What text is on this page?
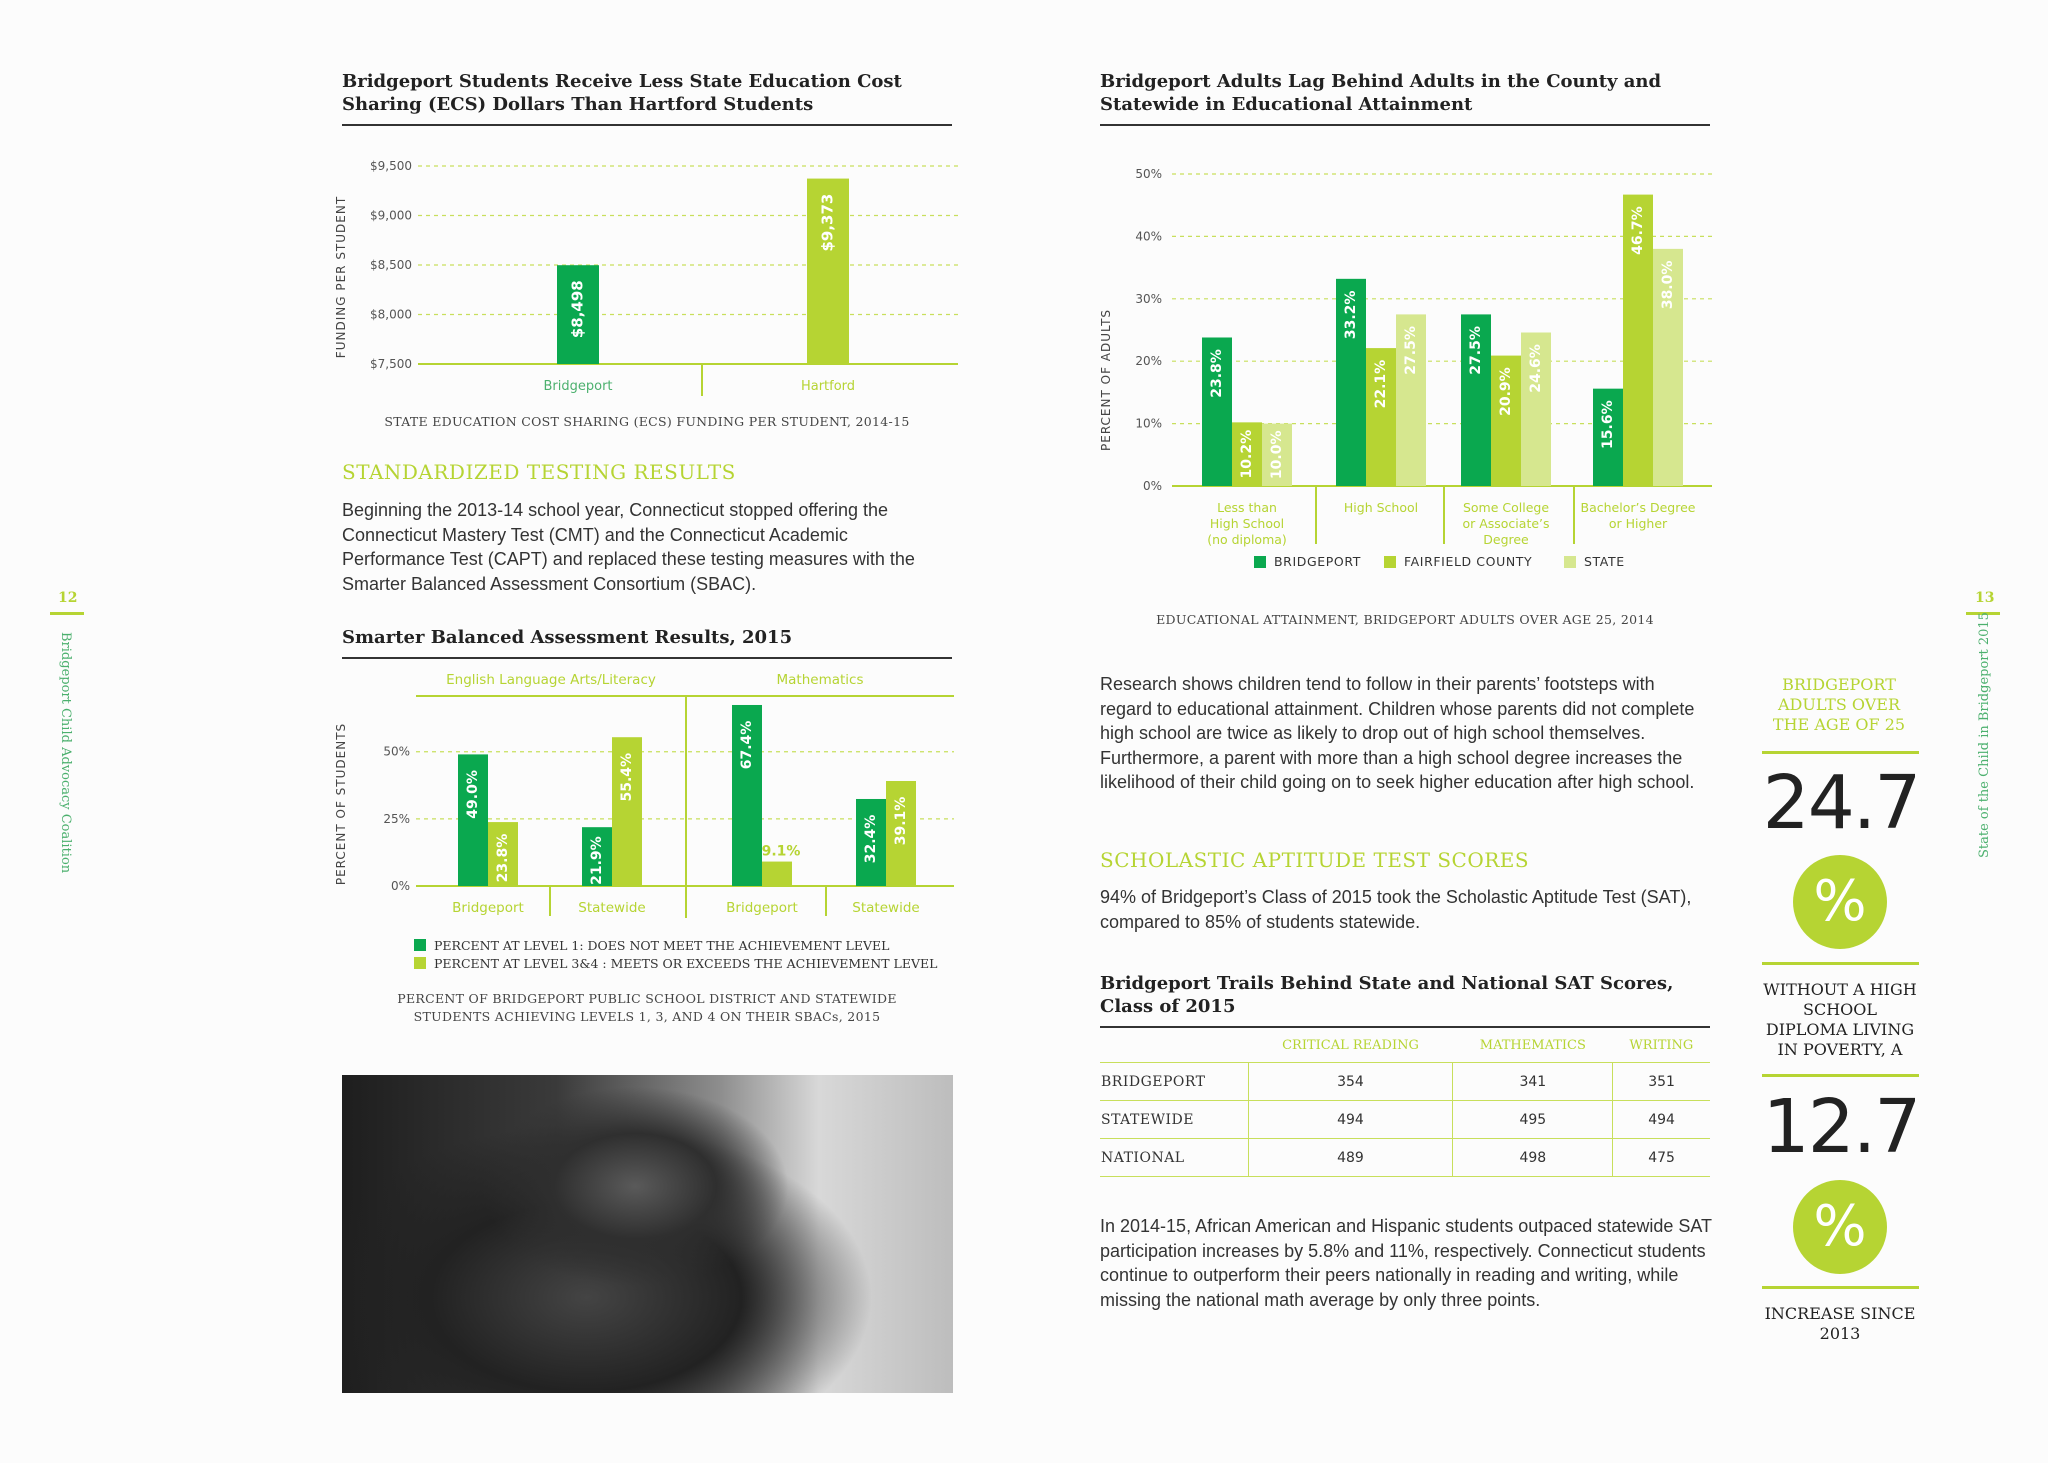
12
Bridgeport Child Advocacy Coalition
13
State of the Child in Bridgeport 2015
Bridgeport Students Receive Less State Education Cost Sharing (ECS) Dollars Than Hartford Students
$7,500
$8,000
$8,500
$9,000
$9,500
$8,498
Bridgeport
$9,373
Hartford
FUNDING PER STUDENT
STATE EDUCATION COST SHARING (ECS) FUNDING PER STUDENT, 2014-15
STANDARDIZED TESTING RESULTS
Beginning the 2013-14 school year, Connecticut stopped offering the Connecticut Mastery Test (CMT) and the Connecticut Academic Performance Test (CAPT) and replaced these testing measures with the Smarter Balanced Assessment Consortium (SBAC).
Smarter Balanced Assessment Results, 2015
English Language Arts/Literacy	Mathematics
0%
25%
50%
49.0%
23.8%
Bridgeport
21.9%
55.4%
Statewide
67.4%
9.1%
Bridgeport
32.4% 39.1%
Statewide
PERCENT OF STUDENTS
PERCENT AT LEVEL 1: DOES NOT MEET THE ACHIEVEMENT LEVEL
PERCENT AT LEVEL 3&4 : MEETS OR EXCEEDS THE ACHIEVEMENT LEVEL
PERCENT OF BRIDGEPORT PUBLIC SCHOOL DISTRICT AND STATEWIDE
STUDENTS ACHIEVING LEVELS 1, 3, AND 4 ON THEIR SBACs, 2015
Bridgeport Adults Lag Behind Adults in the County and Statewide in Educational Attainment
0%
10%
20%
30%
40%
50%
23.8%
10.2% 10.0%
Less than
High School
(no diploma)
33.2%
22.1%
27.5%
High School
27.5%
20.9% 24.6%
Some College
or Associate’s
Degree
15.6%
46.7%
38.0%
Bachelor’s Degree
or Higher
BRIDGEPORT	FAIRFIELD COUNTY	STATE
PERCENT OF ADULTS
EDUCATIONAL ATTAINMENT, BRIDGEPORT ADULTS OVER AGE 25, 2014
Research shows children tend to follow in their parents’ footsteps with regard to educational attainment. Children whose parents did not complete high school are twice as likely to drop out of high school themselves. Furthermore, a parent with more than a high school degree increases the likelihood of their child going on to seek higher education after high school.
SCHOLASTIC APTITUDE TEST SCORES
94% of Bridgeport’s Class of 2015 took the Scholastic Aptitude Test (SAT), compared to 85% of students statewide.
Bridgeport Trails Behind State and National SAT Scores, Class of 2015
	CRITICAL READING	MATHEMATICS	WRITING
BRIDGEPORT	354	341	351
STATEWIDE	494	495	494
NATIONAL	489	498	475
In 2014-15, African American and Hispanic students outpaced statewide SAT participation increases by 5.8% and 11%, respectively. Connecticut students continue to outperform their peers nationally in reading and writing, while missing the national math average by only three points.
BRIDGEPORT ADULTS OVER THE AGE OF 25
24.7
%
WITHOUT A HIGH SCHOOL DIPLOMA LIVING IN POVERTY, A
12.7
%
INCREASE SINCE 2013
